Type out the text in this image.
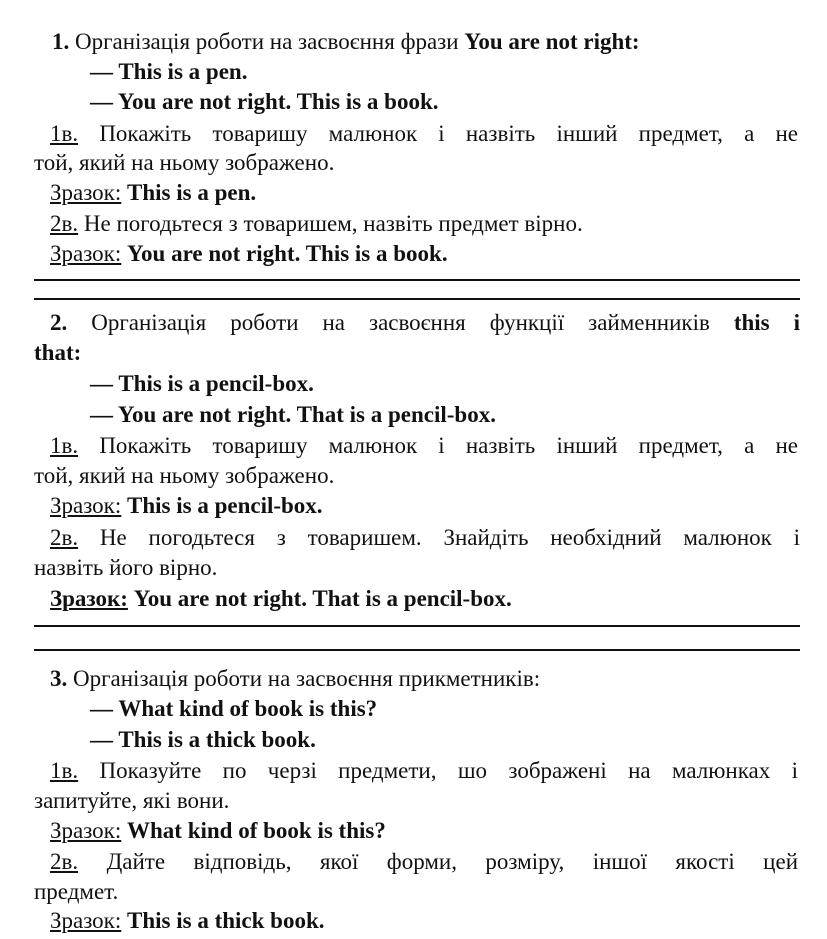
1. Організація роботи на засвоєння фрази You are not right:
— This is a pen.
— You are not right. This is a book.
1в. Покажіть товаришу малюнок і назвіть інший предмет, а не
той, який на ньому зображено.
Зразок: This is a pen.
2в. Не погодьтеся з товаришем, назвіть предмет вірно.
Зразок: You are not right. This is a book.
2. Організація роботи на засвоєння функції займенників this i
that:
— This is a pencil-box.
— You are not right. That is a pencil-box.
1в. Покажіть товаришу малюнок і назвіть інший предмет, а не
той, який на ньому зображено.
Зразок: This is a pencil-box.
2в. Не погодьтеся з товаришем. Знайдіть необхідний малюнок і
назвіть його вірно.
Зразок: You are not right. That is a pencil-box.
3. Організація роботи на засвоєння прикметників:
— What kind of book is this?
— This is a thick book.
1в. Показуйте по черзі предмети, шо зображені на малюнках і
запитуйте, які вони.
Зразок: What kind of book is this?
2в. Дайте відповідь, якої форми, розміру, іншої якості цей
предмет.
Зразок: This is a thick book.
